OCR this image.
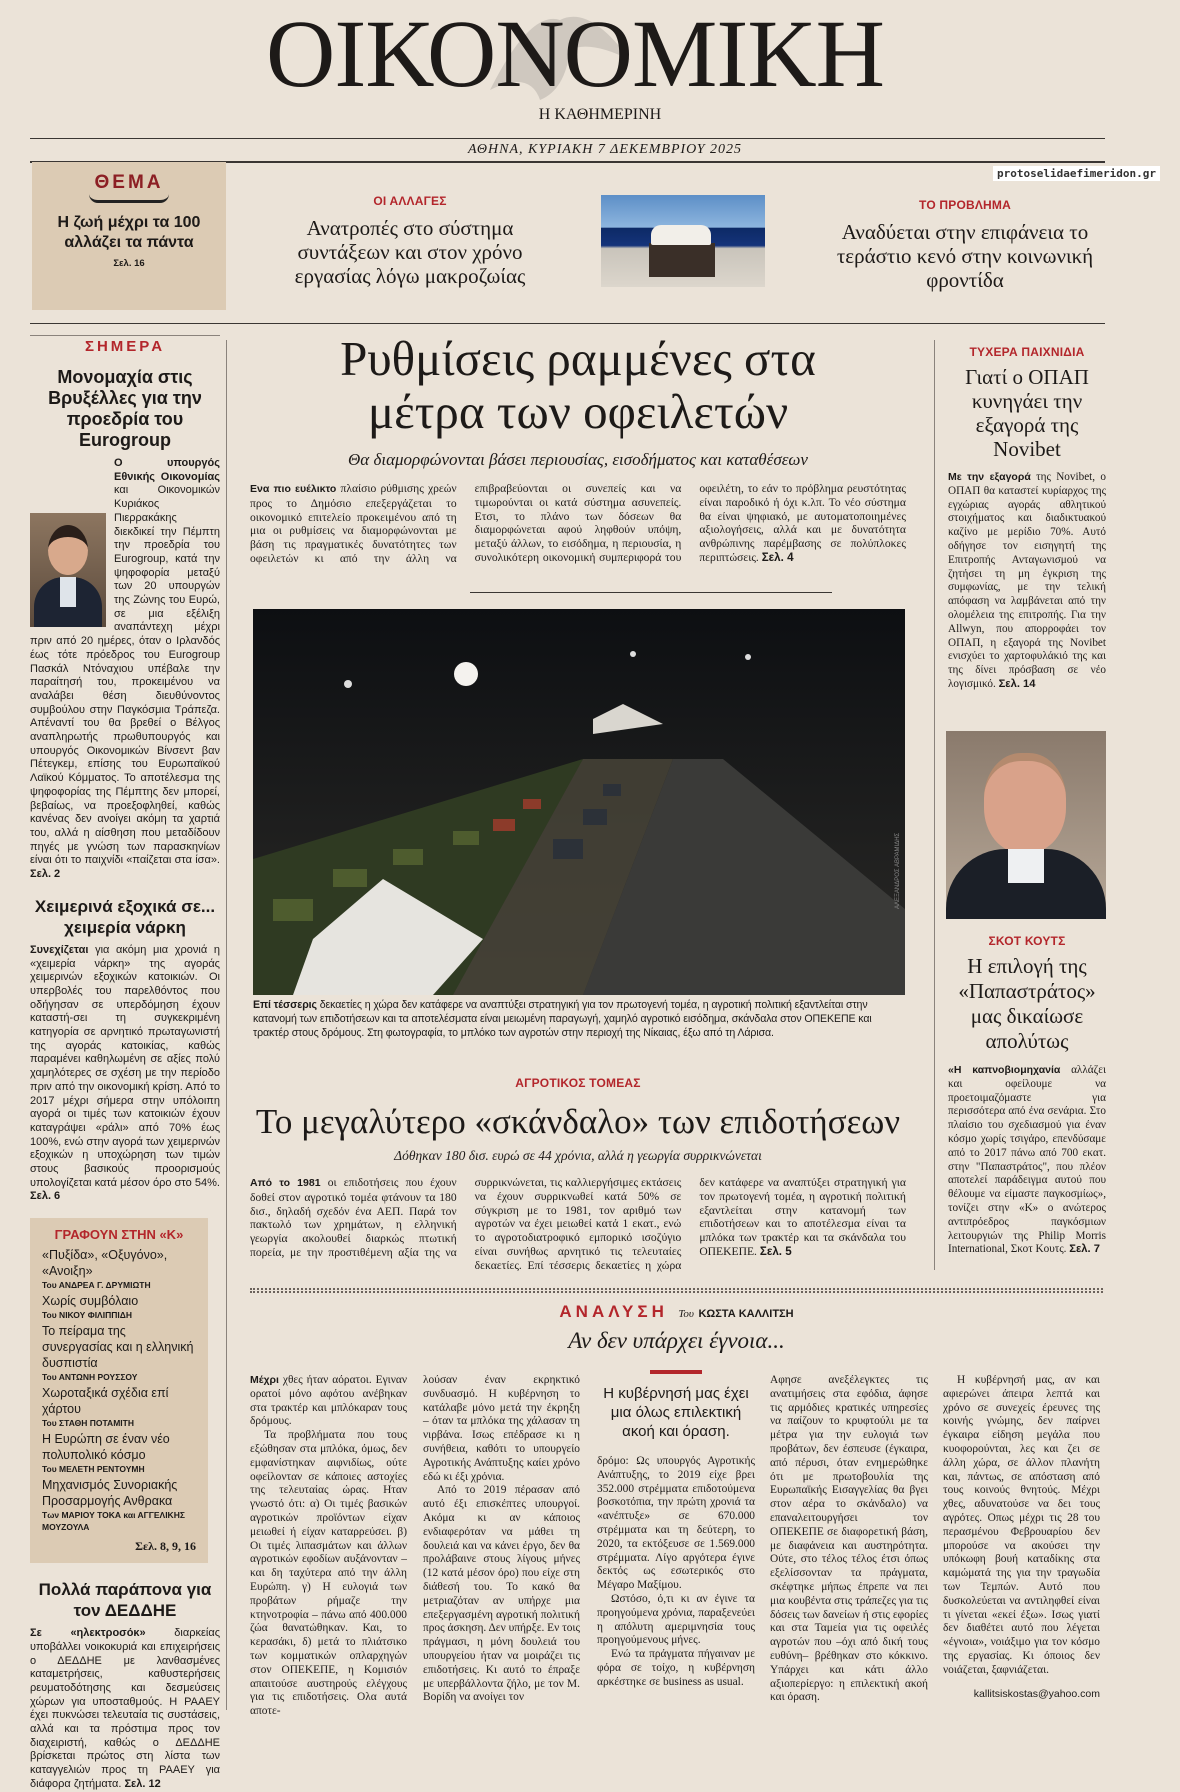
ΟΙΚΟΝΟΜΙΚΗ
Η ΚΑΘΗΜΕΡΙΝΗ
ΑΘΗΝΑ, ΚΥΡΙΑΚΗ 7 ΔΕΚΕΜΒΡΙΟΥ 2025
ΘΕΜΑ
Η ζωή μέχρι τα 100 αλλάζει τα πάντα
Σελ. 16
ΟΙ ΑΛΛΑΓΕΣ
Ανατροπές στο σύστημα συντάξεων και στον χρόνο εργασίας λόγω μακροζωίας
ΤΟ ΠΡΟΒΛΗΜΑ
Αναδύεται στην επιφάνεια το τεράστιο κενό στην κοινωνική φροντίδα
protoselidaefimeridon.gr
ΣΗΜΕΡΑ
Μονομαχία στις Βρυξέλλες για την προεδρία του Eurogroup
Ο υπουργός Εθνικής Οικονομίας και Οικονομικών Κυριάκος Πιερρακάκης διεκδικεί την Πέμπτη την προεδρία του Eurogroup, κατά την ψηφοφορία μεταξύ των 20 υπουργών της Ζώνης του Ευρώ, σε μια εξέλιξη αναπάντεχη μέχρι πριν από 20 ημέρες, όταν ο Ιρλανδός έως τότε πρόεδρος του Eurogroup Πασκάλ Ντόναχιου υπέβαλε την παραίτησή του, προκειμένου να αναλάβει θέση διευθύνοντος συμβούλου στην Παγκόσμια Τράπεζα. Απέναντί του θα βρεθεί ο Βέλγος αναπληρωτής πρωθυπουργός και υπουργός Οικονομικών Βίνσεντ βαν Πέτεγκεμ, επίσης του Ευρωπαϊκού Λαϊκού Κόμματος. Το αποτέλεσμα της ψηφοφορίας της Πέμπτης δεν μπορεί, βεβαίως, να προεξοφληθεί, καθώς κανένας δεν ανοίγει ακόμη τα χαρτιά του, αλλά η αίσθηση που μεταδίδουν πηγές με γνώση των παρασκηνίων είναι ότι το παιχνίδι «παίζεται στα ίσα». Σελ. 2
Χειμερινά εξοχικά σε... χειμερία νάρκη
Συνεχίζεται για ακόμη μια χρονιά η «χειμερία νάρκη» της αγοράς χειμερινών εξοχικών κατοικιών. Οι υπερβολές του παρελθόντος που οδήγησαν σε υπερδόμηση έχουν καταστή-σει τη συγκεκριμένη κατηγορία σε αρνητικό πρωταγωνιστή της αγοράς κατοικίας, καθώς παραμένει καθηλωμένη σε αξίες πολύ χαμηλότερες σε σχέση με την περίοδο πριν από την οικονομική κρίση. Από το 2017 μέχρι σήμερα στην υπόλοιπη αγορά οι τιμές των κατοικιών έχουν καταγράψει «ράλι» από 70% έως 100%, ενώ στην αγορά των χειμερινών εξοχικών η υποχώρηση των τιμών στους βασικούς προορισμούς υπολογίζεται κατά μέσον όρο στο 54%. Σελ. 6
ΓΡΑΦΟΥΝ ΣΤΗΝ «Κ»
«Πυξίδα», «Οξυγόνο», «Ανοιξη»
Του ΑΝΔΡΕΑ Γ. ΔΡΥΜΙΩΤΗ
Χωρίς συμβόλαιο
Του ΝΙΚΟΥ ΦΙΛΙΠΠΙΔΗ
Το πείραμα της συνεργασίας και η ελληνική δυσπιστία
Του ΑΝΤΩΝΗ ΡΟΥΣΣΟΥ
Χωροταξικά σχέδια επί χάρτου
Του ΣΤΑΘΗ ΠΟΤΑΜΙΤΗ
Η Ευρώπη σε έναν νέο πολυπολικό κόσμο
Του ΜΕΛΕΤΗ ΡΕΝΤΟΥΜΗ
Μηχανισμός Συνοριακής Προσαρμογής Ανθρακα
Των ΜΑΡΙΟΥ ΤΟΚΑ και ΑΓΓΕΛΙΚΗΣ ΜΟΥΖΟΥΛΑ
Σελ. 8, 9, 16
Πολλά παράπονα για τον ΔΕΔΔΗΕ
Σε «ηλεκτροσόκ» διαρκείας υποβάλλει νοικοκυριά και επιχειρήσεις ο ΔΕΔΔΗΕ με λανθασμένες καταμετρήσεις, καθυστερήσεις ρευματοδότησης και δεσμεύσεις χώρων για υποσταθμούς. Η ΡΑΑΕΥ έχει πυκνώσει τελευταία τις συστάσεις, αλλά και τα πρόστιμα προς τον διαχειριστή, καθώς ο ΔΕΔΔΗΕ βρίσκεται πρώτος στη λίστα των καταγγελιών προς τη ΡΑΑΕΥ για διάφορα ζητήματα. Σελ. 12
Ρυθμίσεις ραμμένες στα μέτρα των οφειλετών
Θα διαμορφώνονται βάσει περιουσίας, εισοδήματος και καταθέσεων
Ενα πιο ευέλικτο πλαίσιο ρύθμισης χρεών προς το Δημόσιο επεξεργάζεται το οικονομικό επιτελείο προκειμένου από τη μια οι ρυθμίσεις να διαμορφώνονται με βάση τις πραγματικές δυνατότητες των οφειλετών κι από την άλλη να επιβραβεύονται οι συνεπείς και να τιμωρούνται οι κατά σύστημα ασυνεπείς. Ετσι, το πλάνο των δόσεων θα διαμορφώνεται αφού ληφθούν υπόψη, μεταξύ άλλων, το εισόδημα, η περιουσία, η συνολικότερη οικονομική συμπεριφορά του οφειλέτη, το εάν το πρόβλημα ρευστότητας είναι παροδικό ή όχι κ.λπ. Το νέο σύστημα θα είναι ψηφιακό, με αυτοματοποιημένες αξιολογήσεις, αλλά και με δυνατότητα ανθρώπινης παρέμβασης σε πολύπλοκες περιπτώσεις. Σελ. 4
ΑΛΕΞΑΝΔΡΟΣ ΑΒΡΑΜΙΔΗΣ
Επί τέσσερις δεκαετίες η χώρα δεν κατάφερε να αναπτύξει στρατηγική για τον πρωτογενή τομέα, η αγροτική πολιτική εξαντλείται στην κατανομή των επιδοτήσεων και τα αποτελέσματα είναι μειωμένη παραγωγή, χαμηλό αγροτικό εισόδημα, σκάνδαλα στον ΟΠΕΚΕΠΕ και τρακτέρ στους δρόμους. Στη φωτογραφία, το μπλόκο των αγροτών στην περιοχή της Νίκαιας, έξω από τη Λάρισα.
ΑΓΡΟΤΙΚΟΣ ΤΟΜΕΑΣ
Το μεγαλύτερο «σκάνδαλο» των επιδοτήσεων
Δόθηκαν 180 δισ. ευρώ σε 44 χρόνια, αλλά η γεωργία συρρικνώνεται
Από το 1981 οι επιδοτήσεις που έχουν δοθεί στον αγροτικό τομέα φτάνουν τα 180 δισ., δηλαδή σχεδόν ένα ΑΕΠ. Παρά τον πακτωλό των χρημάτων, η ελληνική γεωργία ακολουθεί διαρκώς πτωτική πορεία, με την προστιθέμενη αξία της να συρρικνώνεται, τις καλλιεργήσιμες εκτάσεις να έχουν συρρικνωθεί κατά 50% σε σύγκριση με το 1981, τον αριθμό των αγροτών να έχει μειωθεί κατά 1 εκατ., ενώ το αγροτοδιατροφικό εμπορικό ισοζύγιο είναι συνήθως αρνητικό τις τελευταίες δεκαετίες. Επί τέσσερις δεκαετίες η χώρα δεν κατάφερε να αναπτύξει στρατηγική για τον πρωτογενή τομέα, η αγροτική πολιτική εξαντλείται στην κατανομή των επιδοτήσεων και το αποτέλεσμα είναι τα μπλόκα των τρακτέρ και τα σκάνδαλα του ΟΠΕΚΕΠΕ. Σελ. 5
ΤΥΧΕΡΑ ΠΑΙΧΝΙΔΙΑ
Γιατί ο ΟΠΑΠ κυνηγάει την εξαγορά της Novibet
Με την εξαγορά της Novibet, ο ΟΠΑΠ θα καταστεί κυρίαρχος της εγχώριας αγοράς αθλητικού στοιχήματος και διαδικτυακού καζίνο με μερίδιο 70%. Αυτό οδήγησε τον εισηγητή της Επιτροπής Ανταγωνισμού να ζητήσει τη μη έγκριση της συμφωνίας, με την τελική απόφαση να λαμβάνεται από την ολομέλεια της επιτροπής. Για την Allwyn, που απορροφάει τον ΟΠΑΠ, η εξαγορά της Novibet ενισχύει το χαρτοφυλάκιό της και της δίνει πρόσβαση σε νέο λογισμικό. Σελ. 14
ΣΚΟΤ ΚΟΥΤΣ
Η επιλογή της «Παπαστράτος» μας δικαίωσε απολύτως
«Η καπνοβιομηχανία αλλάζει και οφείλουμε να προετοιμαζόμαστε για περισσότερα από ένα σενάρια. Στο πλαίσιο του σχεδιασμού για έναν κόσμο χωρίς τσιγάρο, επενδύσαμε από το 2017 πάνω από 700 εκατ. στην "Παπαστράτος", που πλέον αποτελεί παράδειγμα αυτού που θέλουμε να είμαστε παγκοσμίως», τονίζει στην «Κ» ο ανώτερος αντιπρόεδρος παγκόσμιων λειτουργιών της Philip Morris International, Σκοτ Κουτς. Σελ. 7
ΑΝΑΛΥΣΗ Του ΚΩΣΤΑ ΚΑΛΛΙΤΣΗ
Αν δεν υπάρχει έγνοια...

Μέχρι χθες ήταν αόρατοι. Εγιναν ορατοί μόνο αφότου ανέβηκαν στα τρακτέρ και μπλόκαραν τους δρόμους.

Τα προβλήματα που τους εξώθησαν στα μπλόκα, όμως, δεν εμφανίστηκαν αιφνιδίως, ούτε οφείλονταν σε κάποιες αστοχίες της τελευταίας ώρας. Ηταν γνωστό ότι: α) Οι τιμές βασικών αγροτικών προϊόντων είχαν μειωθεί ή είχαν καταρρεύσει. β) Οι τιμές λιπασμάτων και άλλων αγροτικών εφοδίων αυξάνονταν – και δη ταχύτερα από την άλλη Ευρώπη. γ) Η ευλογιά των προβάτων ρήμαζε την κτηνοτροφία – πάνω από 400.000 ζώα θανατώθηκαν. Και, το κερασάκι, δ) μετά το πλιάτσικο των κομματικών οπλαρχηγών στον ΟΠΕΚΕΠΕ, η Κομισιόν απαιτούσε αυστηρούς ελέγχους για τις επιδοτήσεις. Ολα αυτά αποτε-

λούσαν έναν εκρηκτικό συνδυασμό. Η κυβέρνηση το κατάλαβε μόνο μετά την έκρηξη – όταν τα μπλόκα της χάλασαν τη νιρβάνα. Ισως επέδρασε κι η συνήθεια, καθότι το υπουργείο Αγροτικής Ανάπτυξης καίει χρόνο εδώ κι έξι χρόνια.

Από το 2019 πέρασαν από αυτό έξι επισκέπτες υπουργοί. Ακόμα κι αν κάποιος ενδιαφερόταν να μάθει τη δουλειά και να κάνει έργο, δεν θα προλάβαινε στους λίγους μήνες (12 κατά μέσον όρο) που είχε στη διάθεσή του. Το κακό θα μετριαζόταν αν υπήρχε μια επεξεργασμένη αγροτική πολιτική προς άσκηση. Δεν υπήρξε. Εν τοις πράγμασι, η μόνη δουλειά του υπουργείου ήταν να μοιράζει τις επιδοτήσεις. Κι αυτό το έπραξε με υπερβάλλοντα ζήλο, με τον Μ. Βορίδη να ανοίγει τον

Η κυβέρνησή μας έχει μια όλως επιλεκτική ακοή και όραση.

δρόμο: Ως υπουργός Αγροτικής Ανάπτυξης, το 2019 είχε βρει 352.000 στρέμματα επιδοτούμενα βοσκοτόπια, την πρώτη χρονιά τα «ανέπτυξε» σε 670.000 στρέμματα και τη δεύτερη, το 2020, τα εκτόξευσε σε 1.569.000 στρέμματα. Λίγο αργότερα έγινε δεκτός ως εσωτερικός στο Μέγαρο Μαξίμου.

Ωστόσο, ό,τι κι αν έγινε τα προηγούμενα χρόνια, παραξενεύει η απόλυτη αμεριμνησία τους προηγούμενους μήνες.

Ενώ τα πράγματα πήγαιναν με φόρα σε τοίχο, η κυβέρνηση αρκέστηκε σε business as usual.

Αφησε ανεξέλεγκτες τις ανατιμήσεις στα εφόδια, άφησε τις αρμόδιες κρατικές υπηρεσίες να παίζουν το κρυφτούλι με τα μέτρα για την ευλογιά των προβάτων, δεν έσπευσε (έγκαιρα, από πέρυσι, όταν ενημερώθηκε ότι με πρωτοβουλία της Ευρωπαϊκής Εισαγγελίας θα βγει στον αέρα το σκάνδαλο) να επαναλειτουργήσει τον ΟΠΕΚΕΠΕ σε διαφορετική βάση, με διαφάνεια και αυστηρότητα. Ούτε, στο τέλος τέλος έτσι όπως εξελίσσονταν τα πράγματα, σκέφτηκε μήπως έπρεπε να πει μια κουβέντα στις τράπεζες για τις δόσεις των δανείων ή στις εφορίες και στα Ταμεία για τις οφειλές αγροτών που –όχι από δική τους ευθύνη– βρέθηκαν στο κόκκινο. Υπάρχει και κάτι άλλο αξιοπερίεργο: η επιλεκτική ακοή και όραση.

Η κυβέρνησή μας, αν και αφιερώνει άπειρα λεπτά και χρόνο σε συνεχείς έρευνες της κοινής γνώμης, δεν παίρνει έγκαιρα είδηση μεγάλα που κυοφορούνται, λες και ζει σε άλλη χώρα, σε άλλον πλανήτη και, πάντως, σε απόσταση από τους κοινούς θνητούς. Μέχρι χθες, αδυνατούσε να δει τους αγρότες. Οπως μέχρι τις 28 του περασμένου Φεβρουαρίου δεν μπορούσε να ακούσει την υπόκωφη βουή καταδίκης στα καμώματά της για την τραγωδία των Τεμπών. Αυτό που δυσκολεύεται να αντιληφθεί είναι τι γίνεται «εκεί έξω». Ισως γιατί δεν διαθέτει αυτό που λέγεται «έγνοια», νοιάξιμο για τον κόσμο της εργασίας. Κι όποιος δεν νοιάζεται, ξαφνιάζεται.

kallitsiskostas@yahoo.com
